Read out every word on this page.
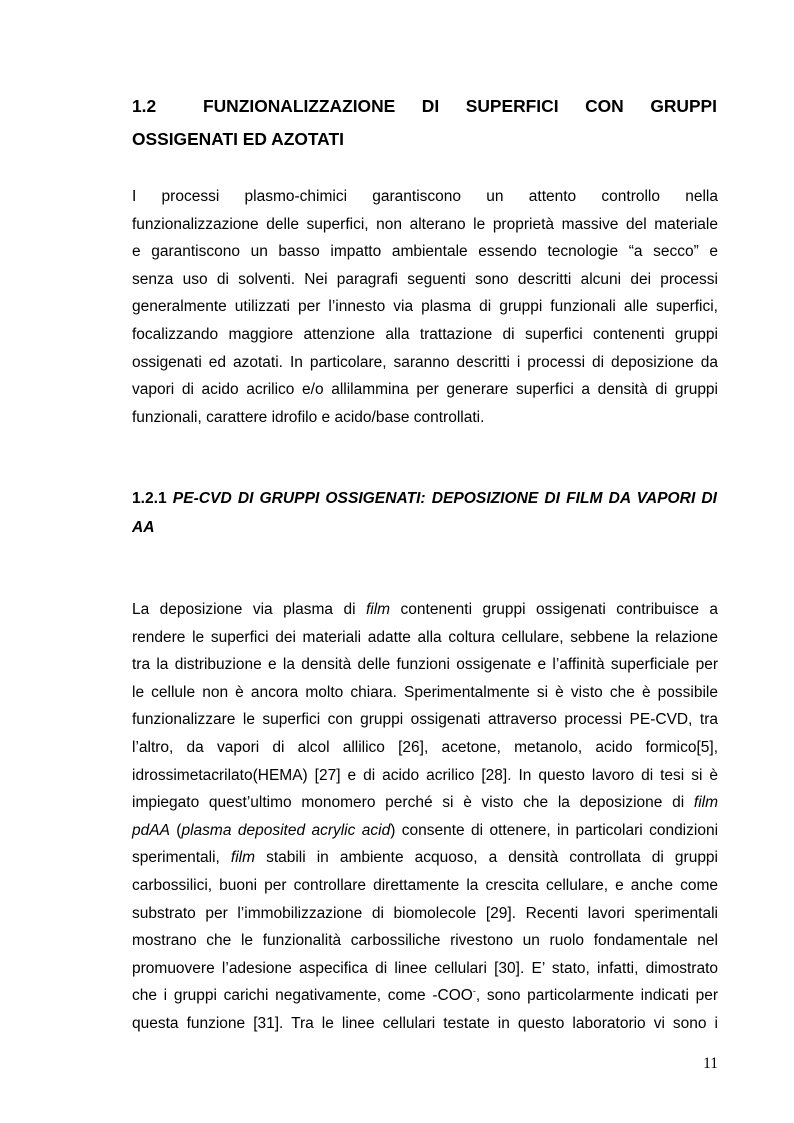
1.2	FUNZIONALIZZAZIONE DI SUPERFICI CON GRUPPI
OSSIGENATI ED AZOTATI
I processi plasmo-chimici garantiscono un attento controllo nella
funzionalizzazione delle superfici, non alterano le proprietà massive del materiale
e garantiscono un basso impatto ambientale essendo tecnologie “a secco” e
senza uso di solventi. Nei paragrafi seguenti sono descritti alcuni dei processi
generalmente utilizzati per l’innesto via plasma di gruppi funzionali alle superfici,
focalizzando maggiore attenzione alla trattazione di superfici contenenti gruppi
ossigenati ed azotati. In particolare, saranno descritti i processi di deposizione da
vapori di acido acrilico e/o allilammina per generare superfici a densità di gruppi
funzionali, carattere idrofilo e acido/base controllati.
1.2.1 PE-CVD DI GRUPPI OSSIGENATI: DEPOSIZIONE DI FILM DA VAPORI DI
AA
La deposizione via plasma di film contenenti gruppi ossigenati contribuisce a
rendere le superfici dei materiali adatte alla coltura cellulare, sebbene la relazione
tra la distribuzione e la densità delle funzioni ossigenate e l’affinità superficiale per
le cellule non è ancora molto chiara. Sperimentalmente si è visto che è possibile
funzionalizzare le superfici con gruppi ossigenati attraverso processi PE-CVD, tra
l’altro, da vapori di alcol allilico [26], acetone, metanolo, acido formico[5],
idrossimetacrilato(HEMA) [27] e di acido acrilico [28]. In questo lavoro di tesi si è
impiegato quest’ultimo monomero perché si è visto che la deposizione di film
pdAA (plasma deposited acrylic acid) consente di ottenere, in particolari condizioni
sperimentali, film stabili in ambiente acquoso, a densità controllata di gruppi
carbossilici, buoni per controllare direttamente la crescita cellulare, e anche come
substrato per l’immobilizzazione di biomolecole [29]. Recenti lavori sperimentali
mostrano che le funzionalità carbossiliche rivestono un ruolo fondamentale nel
promuovere l’adesione aspecifica di linee cellulari [30]. E’ stato, infatti, dimostrato
che i gruppi carichi negativamente, come -COO-, sono particolarmente indicati per
questa funzione [31]. Tra le linee cellulari testate in questo laboratorio vi sono i
11
